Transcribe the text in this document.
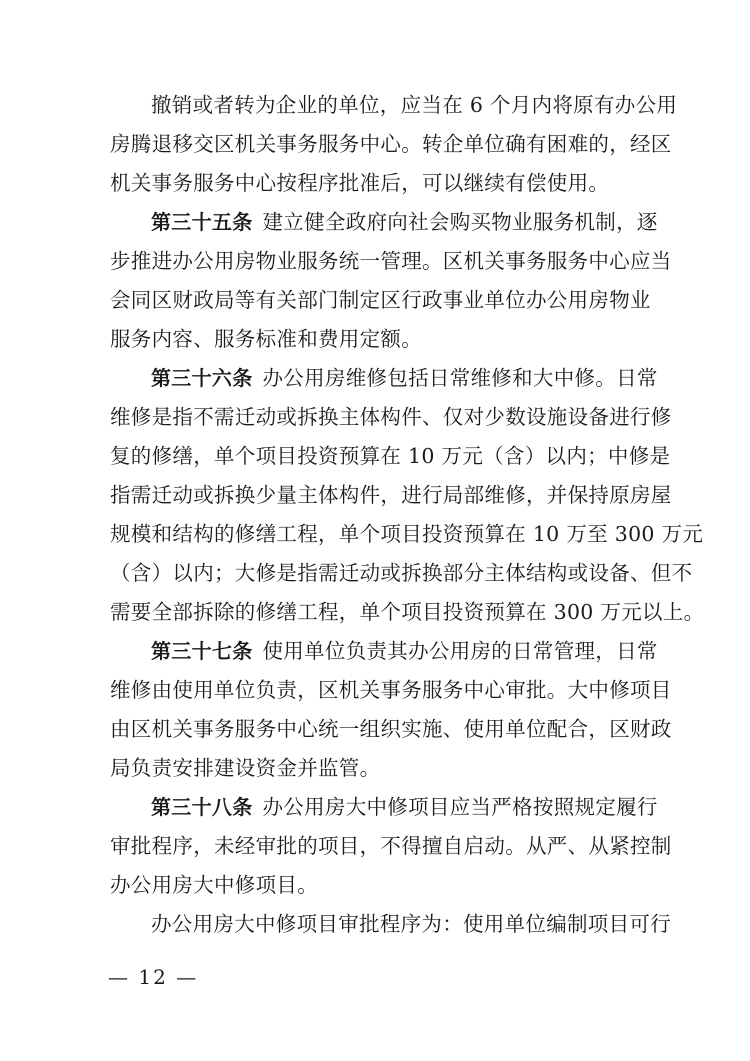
撤销或者转为企业的单位，应当在 6 个月内将原有办公用
房腾退移交区机关事务服务中心。转企单位确有困难的，经区
机关事务服务中心按程序批准后，可以继续有偿使用。
第三十五条 建立健全政府向社会购买物业服务机制，逐
步推进办公用房物业服务统一管理。区机关事务服务中心应当
会同区财政局等有关部门制定区行政事业单位办公用房物业
服务内容、服务标准和费用定额。
第三十六条 办公用房维修包括日常维修和大中修。日常
维修是指不需迁动或拆换主体构件、仅对少数设施设备进行修
复的修缮，单个项目投资预算在 10 万元（含）以内；中修是
指需迁动或拆换少量主体构件，进行局部维修，并保持原房屋
规模和结构的修缮工程，单个项目投资预算在 10 万至 300 万元
（含）以内；大修是指需迁动或拆换部分主体结构或设备、但不
需要全部拆除的修缮工程，单个项目投资预算在 300 万元以上。
第三十七条 使用单位负责其办公用房的日常管理，日常
维修由使用单位负责，区机关事务服务中心审批。大中修项目
由区机关事务服务中心统一组织实施、使用单位配合，区财政
局负责安排建设资金并监管。
第三十八条 办公用房大中修项目应当严格按照规定履行
审批程序，未经审批的项目，不得擅自启动。从严、从紧控制
办公用房大中修项目。
办公用房大中修项目审批程序为：使用单位编制项目可行
— 12 —
